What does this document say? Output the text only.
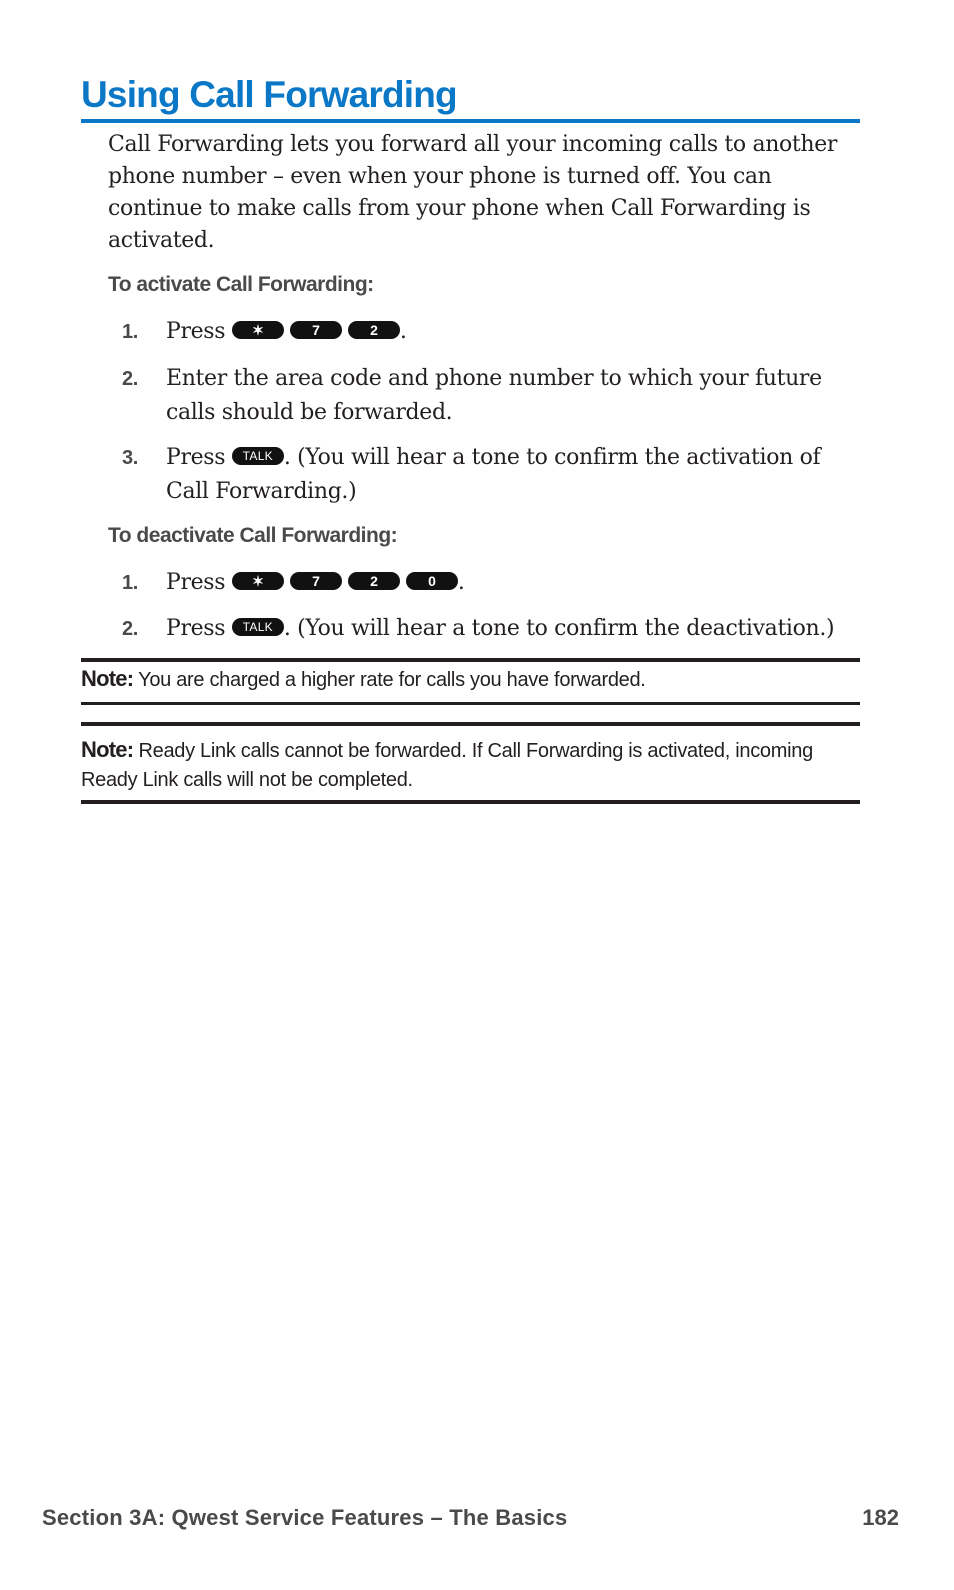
Using Call Forwarding

Call Forwarding lets you forward all your incoming calls to another phone number – even when your phone is turned off. You can continue to make calls from your phone when Call Forwarding is activated.

To activate Call Forwarding:
1. Press ✶	7	2 .
2. Enter the area code and phone number to which your future calls should be forwarded.
3. Press TALK . (You will hear a tone to confirm the activation of Call Forwarding.)
To deactivate Call Forwarding:
1. Press ✶	7	2	0 .
2. Press TALK . (You will hear a tone to confirm the deactivation.)
Note: You are charged a higher rate for calls you have forwarded.
Note: Ready Link calls cannot be forwarded. If Call Forwarding is activated, incoming Ready Link calls will not be completed.
Section 3A: Qwest Service Features – The Basics	182
